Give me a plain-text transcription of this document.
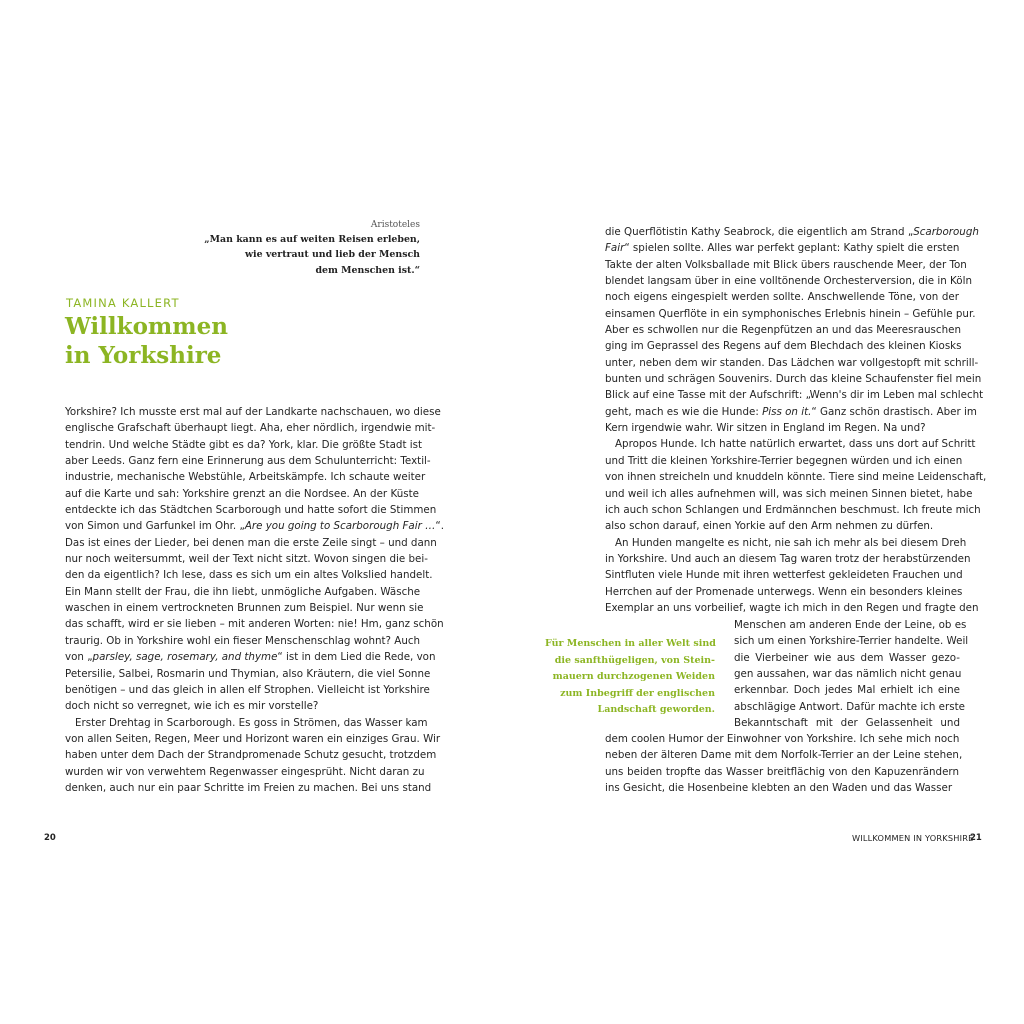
Aristoteles
„Man kann es auf weiten Reisen erleben,
wie vertraut und lieb der Mensch
dem Menschen ist.“
TAMINA KALLERT
Willkommen
in Yorkshire
Yorkshire? Ich musste erst mal auf der Landkarte nachschauen, wo diese
englische Grafschaft überhaupt liegt. Aha, eher nördlich, irgendwie mit-
tendrin. Und welche Städte gibt es da? York, klar. Die größte Stadt ist
aber Leeds. Ganz fern eine Erinnerung aus dem Schulunterricht: Textil-
industrie, mechanische Webstühle, Arbeitskämpfe. Ich schaute weiter
auf die Karte und sah: Yorkshire grenzt an die Nordsee. An der Küste
entdeckte ich das Städtchen Scarborough und hatte sofort die Stimmen
von Simon und Garfunkel im Ohr. „Are you going to Scarborough Fair …“.
Das ist eines der Lieder, bei denen man die erste Zeile singt – und dann
nur noch weitersummt, weil der Text nicht sitzt. Wovon singen die bei-
den da eigentlich? Ich lese, dass es sich um ein altes Volkslied handelt.
Ein Mann stellt der Frau, die ihn liebt, unmögliche Aufgaben. Wäsche
waschen in einem vertrockneten Brunnen zum Beispiel. Nur wenn sie
das schafft, wird er sie lieben – mit anderen Worten: nie! Hm, ganz schön
traurig. Ob in Yorkshire wohl ein fieser Menschenschlag wohnt? Auch
von „parsley, sage, rosemary, and thyme“ ist in dem Lied die Rede, von
Petersilie, Salbei, Rosmarin und Thymian, also Kräutern, die viel Sonne
benötigen – und das gleich in allen elf Strophen. Vielleicht ist Yorkshire
doch nicht so verregnet, wie ich es mir vorstelle?
Erster Drehtag in Scarborough. Es goss in Strömen, das Wasser kam
von allen Seiten, Regen, Meer und Horizont waren ein einziges Grau. Wir
haben unter dem Dach der Strandpromenade Schutz gesucht, trotzdem
wurden wir von verwehtem Regenwasser eingesprüht. Nicht daran zu
denken, auch nur ein paar Schritte im Freien zu machen. Bei uns stand
die Querflötistin Kathy Seabrock, die eigentlich am Strand „Scarborough
Fair“ spielen sollte. Alles war perfekt geplant: Kathy spielt die ersten
Takte der alten Volksballade mit Blick übers rauschende Meer, der Ton
blendet langsam über in eine volltönende Orchesterversion, die in Köln
noch eigens eingespielt werden sollte. Anschwellende Töne, von der
einsamen Querflöte in ein symphonisches Erlebnis hinein – Gefühle pur.
Aber es schwollen nur die Regenpfützen an und das Meeresrauschen
ging im Geprassel des Regens auf dem Blechdach des kleinen Kiosks
unter, neben dem wir standen. Das Lädchen war vollgestopft mit schrill-
bunten und schrägen Souvenirs. Durch das kleine Schaufenster fiel mein
Blick auf eine Tasse mit der Aufschrift: „Wenn's dir im Leben mal schlecht
geht, mach es wie die Hunde: Piss on it.“ Ganz schön drastisch. Aber im
Kern irgendwie wahr. Wir sitzen in England im Regen. Na und?
Apropos Hunde. Ich hatte natürlich erwartet, dass uns dort auf Schritt
und Tritt die kleinen Yorkshire-Terrier begegnen würden und ich einen
von ihnen streicheln und knuddeln könnte. Tiere sind meine Leidenschaft,
und weil ich alles aufnehmen will, was sich meinen Sinnen bietet, habe
ich auch schon Schlangen und Erdmännchen beschmust. Ich freute mich
also schon darauf, einen Yorkie auf den Arm nehmen zu dürfen.
An Hunden mangelte es nicht, nie sah ich mehr als bei diesem Dreh
in Yorkshire. Und auch an diesem Tag waren trotz der herabstürzenden
Sintfluten viele Hunde mit ihren wetterfest gekleideten Frauchen und
Herrchen auf der Promenade unterwegs. Wenn ein besonders kleines
Exemplar an uns vorbeilief, wagte ich mich in den Regen und fragte den
Menschen am anderen Ende der Leine, ob es
sich um einen Yorkshire-Terrier handelte. Weil
die Vierbeiner wie aus dem Wasser gezo-
gen aussahen, war das nämlich nicht genau
erkennbar. Doch jedes Mal erhielt ich eine
abschlägige Antwort. Dafür machte ich erste
Bekanntschaft mit der Gelassenheit und
dem coolen Humor der Einwohner von Yorkshire. Ich sehe mich noch
neben der älteren Dame mit dem Norfolk-Terrier an der Leine stehen,
uns beiden tropfte das Wasser breitflächig von den Kapuzenrändern
ins Gesicht, die Hosenbeine klebten an den Waden und das Wasser
Für Menschen in aller Welt sind
die sanfthügeligen, von Stein-
mauern durchzogenen Weiden
zum Inbegriff der englischen
Landschaft geworden.
20	WILLKOMMEN IN YORKSHIRE
21
